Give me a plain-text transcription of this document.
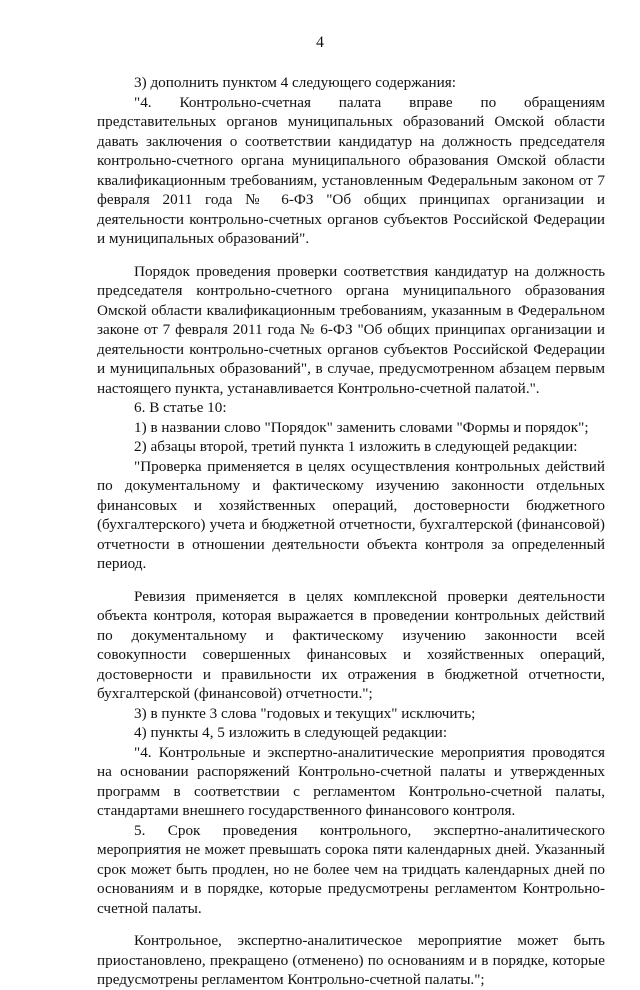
4

3) дополнить пунктом 4 следующего содержания:

"4. Контрольно-счетная палата вправе по обращениям представительных органов муниципальных образований Омской области давать заключения о соответствии кандидатур на должность председателя контрольно-счетного органа муниципального образования Омской области квалификационным требованиям, установленным Федеральным законом от 7 февраля 2011 года № 6-ФЗ "Об общих принципах организации и деятельности контрольно-счетных органов субъектов Российской Федерации и муниципальных образований".

Порядок проведения проверки соответствия кандидатур на должность председателя контрольно-счетного органа муниципального образования Омской области квалификационным требованиям, указанным в Федеральном законе от 7 февраля 2011 года № 6-ФЗ "Об общих принципах организации и деятельности контрольно-счетных органов субъектов Российской Федерации и муниципальных образований", в случае, предусмотренном абзацем первым настоящего пункта, устанавливается Контрольно-счетной палатой.".

6. В статье 10:

1) в названии слово "Порядок" заменить словами "Формы и порядок";

2) абзацы второй, третий пункта 1 изложить в следующей редакции:

"Проверка применяется в целях осуществления контрольных действий по документальному и фактическому изучению законности отдельных финансовых и хозяйственных операций, достоверности бюджетного (бухгалтерского) учета и бюджетной отчетности, бухгалтерской (финансовой) отчетности в отношении деятельности объекта контроля за определенный период.

Ревизия применяется в целях комплексной проверки деятельности объекта контроля, которая выражается в проведении контрольных действий по документальному и фактическому изучению законности всей совокупности совершенных финансовых и хозяйственных операций, достоверности и правильности их отражения в бюджетной отчетности, бухгалтерской (финансовой) отчетности.";

3) в пункте 3 слова "годовых и текущих" исключить;

4) пункты 4, 5 изложить в следующей редакции:

"4. Контрольные и экспертно-аналитические мероприятия проводятся на основании распоряжений Контрольно-счетной палаты и утвержденных программ в соответствии с регламентом Контрольно-счетной палаты, стандартами внешнего государственного финансового контроля.

5. Срок проведения контрольного, экспертно-аналитического мероприятия не может превышать сорока пяти календарных дней. Указанный срок может быть продлен, но не более чем на тридцать календарных дней по основаниям и в порядке, которые предусмотрены регламентом Контрольно-счетной палаты.

Контрольное, экспертно-аналитическое мероприятие может быть приостановлено, прекращено (отменено) по основаниям и в порядке, которые предусмотрены регламентом Контрольно-счетной палаты.";
